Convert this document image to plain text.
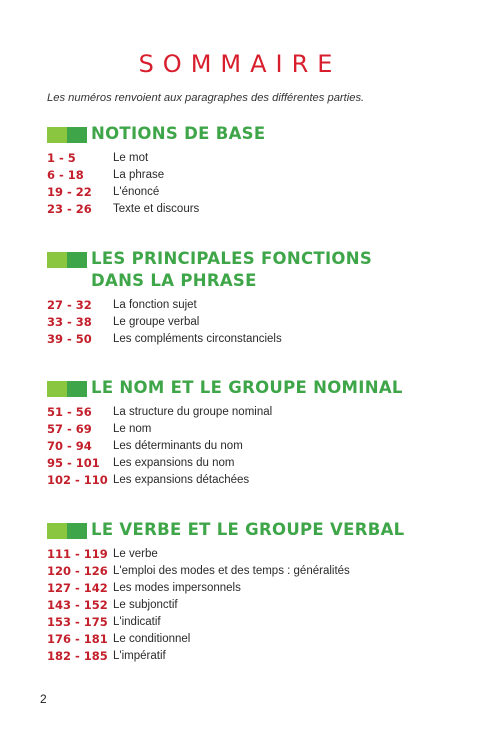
SOMMAIRE
Les numéros renvoient aux paragraphes des différentes parties.
NOTIONS DE BASE
1 - 5	Le mot
6 - 18	La phrase
19 - 22	L'énoncé
23 - 26	Texte et discours
LES PRINCIPALES FONCTIONS
DANS LA PHRASE
27 - 32	La fonction sujet
33 - 38	Le groupe verbal
39 - 50	Les compléments circonstanciels
LE NOM ET LE GROUPE NOMINAL
51 - 56	La structure du groupe nominal
57 - 69	Le nom
70 - 94	Les déterminants du nom
95 - 101	Les expansions du nom
102 - 110 Les expansions détachées
LE VERBE ET LE GROUPE VERBAL
111 - 119 Le verbe
120 - 126 L'emploi des modes et des temps : généralités
127 - 142 Les modes impersonnels
143 - 152 Le subjonctif
153 - 175 L'indicatif
176 - 181 Le conditionnel
182 - 185 L'impératif
2
